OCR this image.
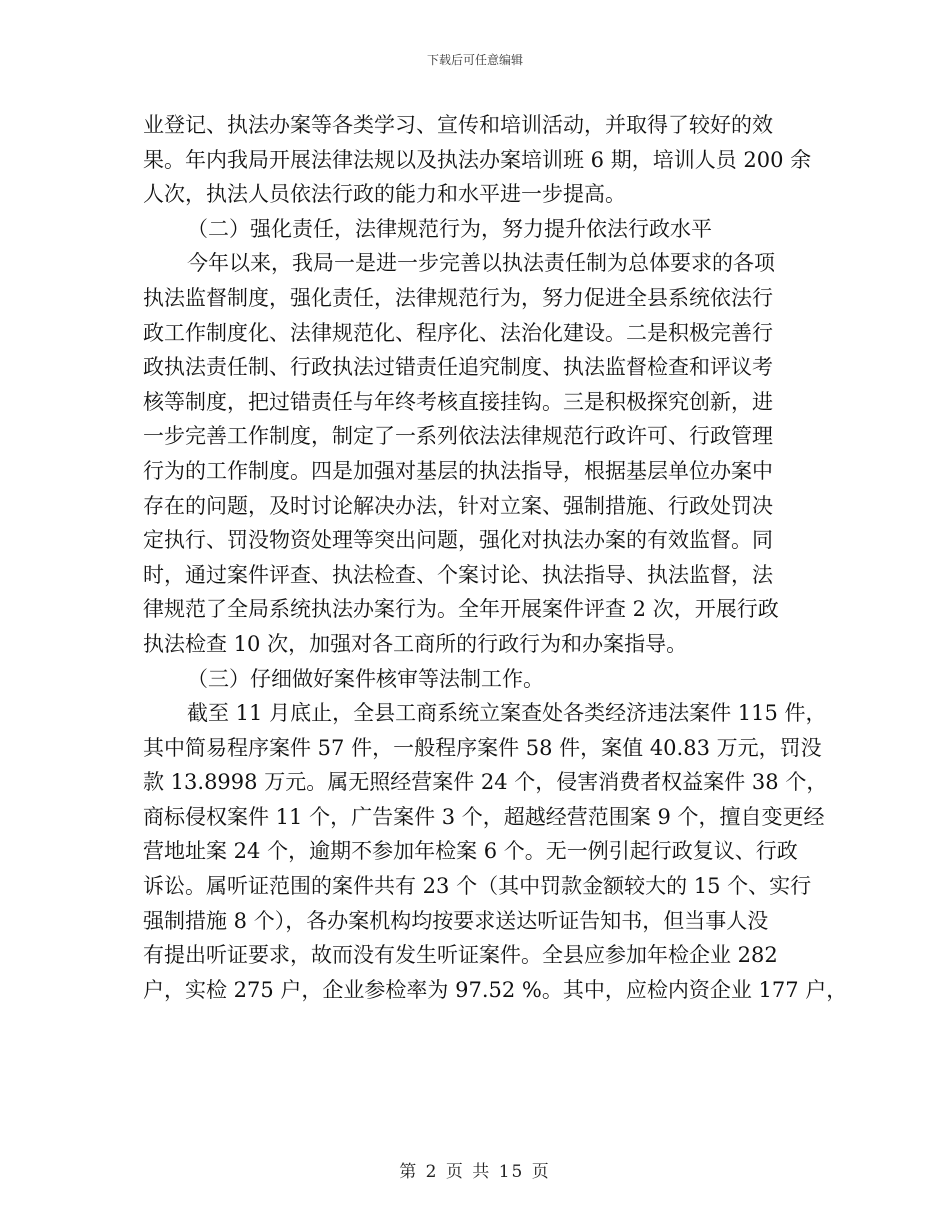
下载后可任意编辑
业登记、执法办案等各类学习、宣传和培训活动，并取得了较好的效
果。年内我局开展法律法规以及执法办案培训班 6 期，培训人员 200 余
人次，执法人员依法行政的能力和水平进一步提高。
（二）强化责任，法律规范行为，努力提升依法行政水平
今年以来，我局一是进一步完善以执法责任制为总体要求的各项
执法监督制度，强化责任，法律规范行为，努力促进全县系统依法行
政工作制度化、法律规范化、程序化、法治化建设。二是积极完善行
政执法责任制、行政执法过错责任追究制度、执法监督检查和评议考
核等制度，把过错责任与年终考核直接挂钩。三是积极探究创新，进
一步完善工作制度，制定了一系列依法法律规范行政许可、行政管理
行为的工作制度。四是加强对基层的执法指导，根据基层单位办案中
存在的问题，及时讨论解决办法，针对立案、强制措施、行政处罚决
定执行、罚没物资处理等突出问题，强化对执法办案的有效监督。同
时，通过案件评查、执法检查、个案讨论、执法指导、执法监督，法
律规范了全局系统执法办案行为。全年开展案件评查 2 次，开展行政
执法检查 10 次，加强对各工商所的行政行为和办案指导。
（三）仔细做好案件核审等法制工作。
截至 11 月底止，全县工商系统立案查处各类经济违法案件 115 件，
其中简易程序案件 57 件，一般程序案件 58 件，案值 40.83 万元，罚没
款 13.8998 万元。属无照经营案件 24 个，侵害消费者权益案件 38 个，
商标侵权案件 11 个，广告案件 3 个，超越经营范围案 9 个，擅自变更经
营地址案 24 个，逾期不参加年检案 6 个。无一例引起行政复议、行政
诉讼。属听证范围的案件共有 23 个（其中罚款金额较大的 15 个、实行
强制措施 8 个），各办案机构均按要求送达听证告知书，但当事人没
有提出听证要求，故而没有发生听证案件。全县应参加年检企业 282
户，实检 275 户，企业参检率为 97.52 %。其中，应检内资企业 177 户，
第 2 页 共 15 页
